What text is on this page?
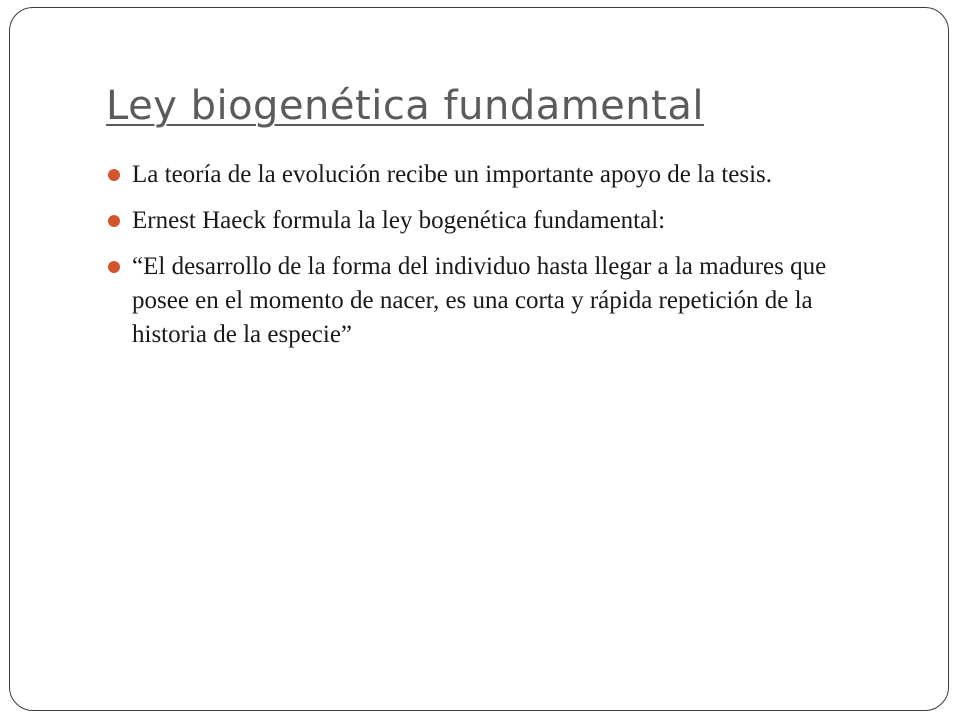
Ley biogenética fundamental
La teoría de la evolución recibe un importante apoyo de la tesis.
Ernest Haeck formula la ley bogenética fundamental:
“El desarrollo de la forma del individuo hasta llegar a la madures que posee en el momento de nacer, es una corta y rápida repetición de la historia de la especie”
